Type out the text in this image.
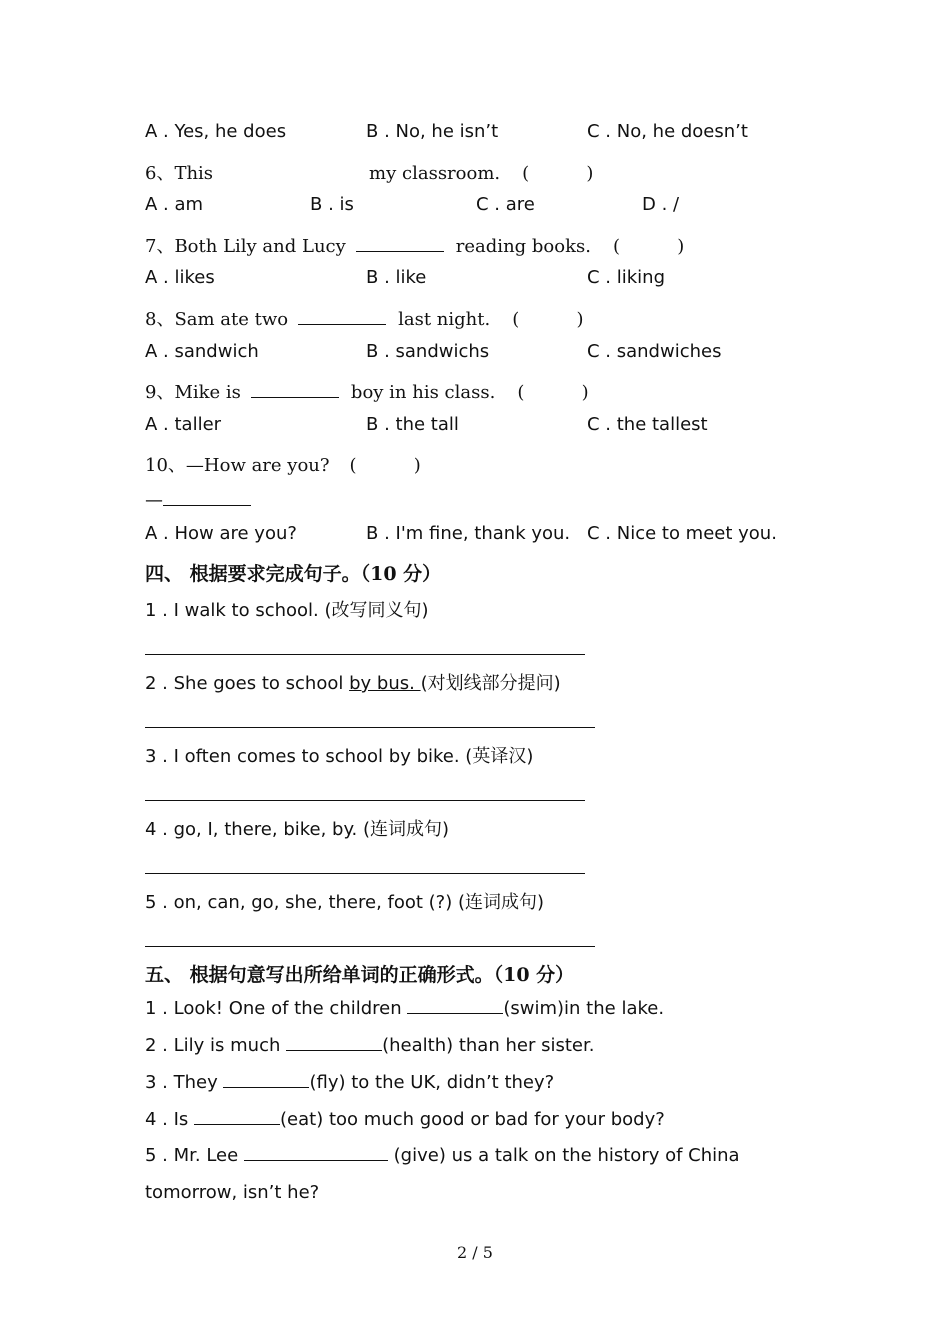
A . Yes, he does	B . No, he isn’t	C . No, he doesn’t
6、This	my classroom. (          )
A . am	B . is	C . are	D . /
7、Both Lily and Lucy	reading books. (          )
A . likes	B . like	C . liking
8、Sam ate two	last night. (          )
A . sandwich	B . sandwichs	C . sandwiches
9、Mike is	boy in his class. (          )
A . taller	B . the tall	C . the tallest
10、—How are you? (          )
—
A . How are you?	B . I'm fine, thank you. C . Nice to meet you.
四、 根据要求完成句子。（10 分）
1 . I walk to school. (改写同义句)
2 . She goes to school by bus. (对划线部分提问)
3 . I often comes to school by bike. (英译汉)
4 . go, I, there, bike, by. (连词成句)
5 . on, can, go, she, there, foot (?) (连词成句)
五、 根据句意写出所给单词的正确形式。（10 分）
1 . Look! One of the children	(swim)in the lake.
2 . Lily is much	(health) than her sister.
3 . They	(fly) to the UK, didn’t they?
4 . Is	(eat) too much good or bad for your body?
5 . Mr. Lee	(give) us a talk on the history of China
tomorrow, isn’t he?
2 / 5
